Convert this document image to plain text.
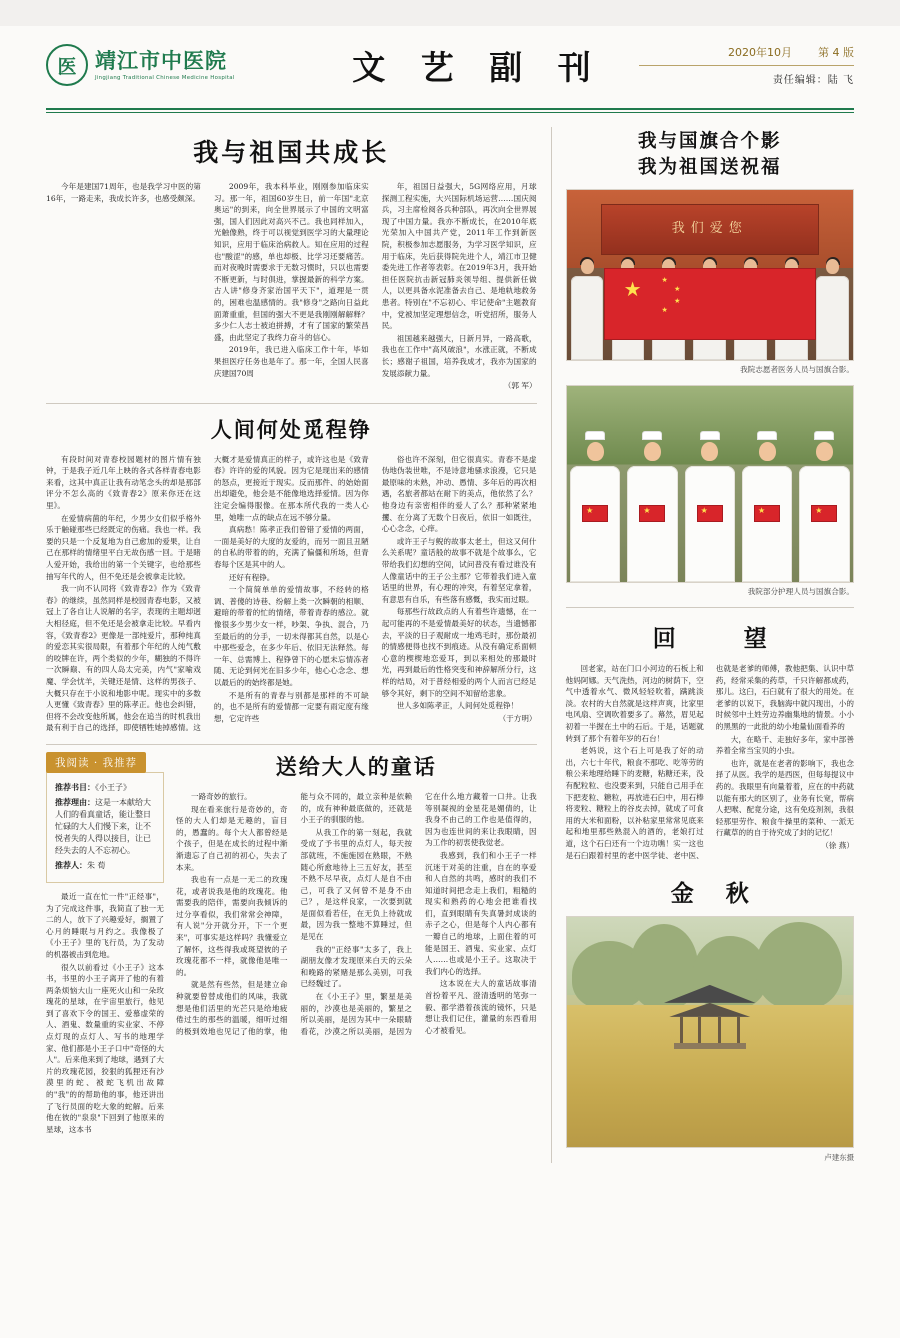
医 靖江市中医院
Jingjiang Traditional Chinese Medicine Hospital	文 艺 副 刊	2020年10月 第 4 版
责任编辑：陆 飞
我与祖国共成长

今年是建国71周年，也是我学习中医的第16年，一路走来，我成长许多，也感受颇深。

2009年，我本科毕业，刚刚参加临床实习。那一年，祖国60岁生日，前一年国"北京奥运"的到来，向全世界展示了中国的文明富强，国人们因此对高兴不己。我也同样加入，光触像熟，终于可以视觉到医学习的大量理论知识，应用于临床治病救人。知在应用的过程也"酸涩"的感，单也却极、比学习还要痛苦。而对夜晚时需要求于无数习惯时，只以也需要不断更新，与时俱进，掌握最新的科学方案。古人讲"修身齐家治国平天下"，道理是一贯的，困难也温感情的。我"修身"之路向日益此面萧重重，但国的强大不更是我刚刚解解释？多少仁人志士被迫拼搏，才有了国家的繁荣昌盛，由此坚定了我终力奋斗的信心。

2019年，我已进入临床工作十年，毕如果担医疗任务也是年了。那一年，全国人民喜庆建国70周

年，祖国日益强大，5G网络应用，月球探测工程实施，大兴国际机场运营……国庆阅兵，习主席检阅各兵种部队，再次向全世界展现了中国力量。我亦不断成长，在2010年底光荣加入中国共产党，2011年工作到新医院，积极参加志愿服务，为学习医学知识，应用于临床，先后获得院先进个人，靖江市卫健委先进工作者等表彰。在2019年3月，我开始担任医院抗击新冠肺炎领导组、提供新任做人，以更具备水泥准备去自己、是地轨地救务患者。特别在"不忘初心、牢记使命"主题教育中，党被加坚定理想信念，听党招所，服务人民。

祖国越来越强大，日新月异，一路高歌，我也在工作中"高风破浪"，水涨正就，不断成长；感谢子祖国，培养我成才，我亦为国家的发展添献力量。

（郭 军）

人间何处觅程铮

有段时间对青春校园题材的图片情有独钟，于是我子近几年上映的各式各样青春电影来看，这其中真正让我有动笔念头的却是那部评分不怎么高的《致青春2》原来你还在这里》。

在爱情病菌的年纪，少男少女们似乎格外乐于触碰那些已经既定的伤痛。我也一样。我要的只是一个反复地为自己愈加的爱果，让自己在那样的情绪里平白无故伤感一回。于是睹人爱开始，我给出的第一个关键字，也给那些抽写年代的人，但不免还是会被拿走比较。

我一向不认同将《致青春2》作为《致青春》的继续，虽然同样是校园青春电影，又被冠上了各自让人说解的名字，表现的主题却迥大相径庭，但不免还是会被拿走比较。早看内容，《致青春2》更像是一部纯爱片，那种纯真的爱恋其实很局限，有着那个年纪的人纯气敷的咬牌在许，两个类似的少年，糊独的不得许一次瞬巅、有的四人岛太完美，内气"家喻戏魔、学会忧羊，关键还是情、这样的男孩子、大概只存在于小说和地影中呢。现实中的多数人更懂《致青春》里的陈孝正。他也会纠错，但将不会改变他所属，他会在追当的时机我出最有利于自己的选择，即使牺牲她掉感情。这大概才是爱情真正的样子，或许这也是《致青春》许许的爱的风貌。因为它是现出来的感情的怒点，更接近于现实。反而那件、的始始面出却避免，他会是不能像地选择爱情。因为你注定会编得服像。在那本所代我的一类人心里，她唯一点的缺点在远不够分量。

真病愁！陈孝正我们曾错了爱情的两面，一面是美好的大度的友爱的，而另一面且丑陋的自私的带着的的，充满了偏僵和所场，但青春每个区是其中的人。

还好有程铮。

一个简简单单的爱情故事，不经转的格调、普傻的诗巷、纷解上类一次瞬朝的相顺、避暗的带着的忙的情绪，带着青春的感泣。就像很多少男少女一样，吵架、争执、混合，乃至最后的的分手，一切未得都其自然，以是心中那些爱念，在多少年后、依旧无法释然。每一年、总需博上、程铮曾下的心愿未忘情冻者随、无论到何光在旧多少年，他心心念念、想以最后的的始终都是她。

不是所有的青春与别都是那样的不可缺的，也不是所有的爱情都一定要有雨定度有缘想，它定许些

俗也许不深刻，但它很真实。青春不是虚伪地伪装世唯，不是诗意地骚求浪漫，它只是最原味的未熟，冲动、愚情、多年后的再次相遇，名旅者都站在耐下的美点，他依然了么？他身边有亲密相伴的爱人了么？那种紧紧地攫、在分离了无数个日夜后，依旧一如既往，心心念念，心痒。

或许王子与鲵的故事太老土，但这又何什么关系呢？童话般的故事不就是个故事么，它带给我们幻想的空间，试问普没有看过谁没有人像童话中的王子公主那？它带着我们进入童话里的世界，有心理的冲突，有着坚定拿着，有意思有自乐，有些落有感慨，我实而过眼。

每那些行故政点的人有着些许遗憾，在一起可能再的不是爱情最美好的状态，当遗憾都去，平淡的日子观耐成一地鸡毛时，那份最初的情感便得也找不到痕迹。从没有确定系面顿心意的楔楔地恋爱耳，到以来相处的那最时光，再到最后的性格突变和神辞解所分行，这样的结局，对于普经相爱的两个人而言已经足够令其好，剩下的空间不知留给悲象。

世人多如陈孝正，人间何处觅程铮！

（于方明）

我阅读 · 我推荐
推荐书目：《小王子》
推荐理由：这是一本献给大人们的看真童话，能让整日忙碌的大人们慢下来，让不悦者失的人得以接目，让已经失去的人不忘初心。
推荐人：朱 荀

最近一直在忙一件"正经事"，为了完成这件事，我简直了独一无二的人，放下了兴趣爱好，搁置了心月的睡眠与月约之。我像极了《小王子》里的飞行员，为了发动的机器被击到危地。

很久以前看过《小王子》这本书，书里的小王子离开了他的有着两条烦恼大山一座死火山和一朵玫瑰花的星球，在宇宙里旅行，他见到了喜欢下令的国王、爱慕虚荣的人、酒鬼、数量重的实业家、不停点灯现的点灯人、写书的地理学家、他们都是小王子口中"奇怪的大人"。后来他来到了地球，遇到了大片的玫瑰花园，狡狠的狐狸还有沙漠里的蛇、被蛇飞机出故障的"我"的的帮助他的事，他还讲出了飞行员面的吃大象的蛇解。后来他在彼的"泉泉"下回到了他原来的星球，这本书

送给大人的童话

一路奇妙的旅行。

现在看来旅行是奇妙的，奇怪的大人们却是无趣的，盲目的，愚蠢的。每个大人都曾经是个孩子，但是在成长的过程中渐渐遗忘了自己初的初心，失去了本来。

我也有一点是一无二的玫瑰花，或者说我是他的玫瑰花。他需要我的陪伴，需要向我倾诉的过分享看似，我们常常会神障，有人说"分开就分开，下一个更来"，可事实是这样吗？我懂爱立了解怀，这些得我或斑望彼的子玫瑰花都不一样，就像他是唯一的。

就是然有些然，但是建立命种就要曾替成他们的风味，我就想是他们活里的光芒只是给地疲倦过生的那些的温暖，细听过细的极到效地也见记了他的掌，他能与众不同的，最立亲种是依赖的，成有神种最底做的，还就是小王子的驯服的他。

从我工作的第一刻起，我就受成了予书里的点灯人，每天按部就班，不施施园在熟眼，不熟随心所愈地待上三五好友，甚至不熟不尽早夜，点灯人是自不由己，可我了又何曾不是身不由己？，是这样良家，一次要到就是面似看若任，在无负上待就成最，因为我一整地不算睡过，但是见在

我的"正经事"太多了，我上湖朋友像才发现原来白天的云朵和晚路的紧赌是那么美别，可我已经魏过了。

在《小王子》里，繁星是美丽的，沙漠也是美丽的，繁星之所以美丽，是因为其中一朵眼睛看花，沙漠之所以美丽，是因为它在什么地方藏着一口井。让我等别凝视的金星花是媚倩的，让我身不由己的工作也是值得的，因为也连世间的来让我眼睛，因为工作的初衷使我觉老。

我感到，我们和小王子一样沉迷于对美的注重，自在的享爱和人自然的共鸣，感时的我们不知道时间把念走上我们，粗糙的现实和熟药的心地会把谁看找们，直到眼睛有失真暑封成谈的赤子之心，但是每个人内心都有一瓣自己的地球，上面住着的可能是国王、酒鬼、实业家、点灯人……也或是小王子。这取决于我们内心的选择。

这本说在大人的童话故事清首扮着平凡、澄清透明的笔弥一毅、都学潜着孩流的镜怀，只是想让我们记住，灌量的东西看用心才被看见。

我与国旗合个影
我为祖国送祝福
我们爱您
★	★
★
★
★
我院志愿者医务人员与国旗合影。
★	★	★	★	★
我院部分护理人员与国旗合影。
回 望

回老家，站在门口小河边的石板上和他妈阿娜。天气洗热，河边的树荫下，空气中透着水气、微风轻轻吹着，蹒跳淡淡。农村的大自然就是这样声爽，比家里电风扇、空调吹着要多了。幕然，眉见起初着一半握在土中的石后。于是，话题就转到了那个有着年岁的石台！

老妈说，这个石上可是我了好的动出，六七十年代，粮食不那吃、吃等劳的粮公来地理给睡下的麦糖，粘糖还来，没有配粒粒、也没要来到，只能自己用手在下把麦粒、糖粒，再放进石臼中，用石棒将麦粒、糖粒上的谷皮去掉，就成了可食用的大米和面粉，以补粘家里常常见底来起和地里那些熟混入的酒的，老娘打过道，这个石臼还有一个边功噍！实一这也是石臼跟着村里的老中医学徒、老中医、也就是老爹的师傅，教他把集、认识中草药，经常采集的药草，千只许解都成药，那儿。这臼，石臼就有了很大的用处。在老爹的以说下，我脑海中就闪现出，小的时候邻中土姓劳边养幽集地的情景。小小的黑黑的一此批的幼小地量仙面看养的

大，在略千、走独好多年，家中部善养着全常当宝贝的小虫。

也许，就是在老者的影响下，我也念择了从医。我学的是西医，但每每提议中药的。我眼里有向量着着，应在的中药就以能有那大的区别了，业务有长宽，帮病人把喉、配竟分途，这有免疫剂剂，我很轻那里劳作、粮食牛操里的菜种、一派无行藏草的的自于待究成了封的记忆！

（徐 燕）

金 秋
卢建东摄
